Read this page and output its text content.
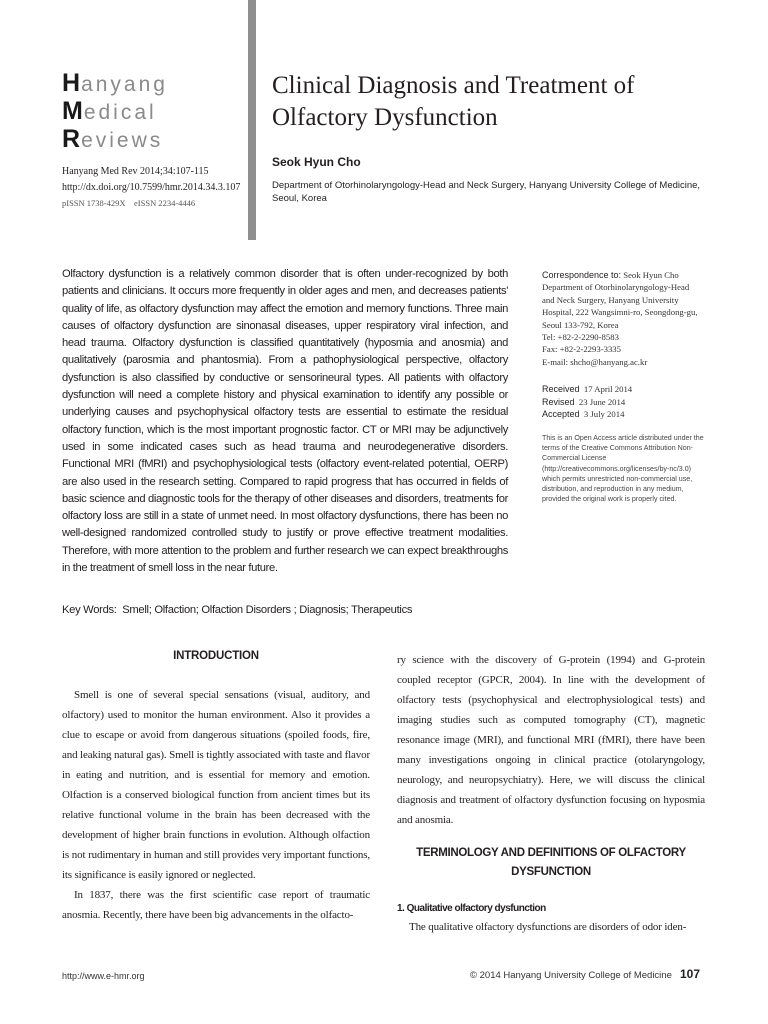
Hanyang
Medical
Reviews
Hanyang Med Rev 2014;34:107-115
http://dx.doi.org/10.7599/hmr.2014.34.3.107
pISSN 1738-429X    eISSN 2234-4446
Clinical Diagnosis and Treatment of
Olfactory Dysfunction
Seok Hyun Cho
Department of Otorhinolaryngology-Head and Neck Surgery, Hanyang University College of Medicine, Seoul, Korea
Olfactory dysfunction is a relatively common disorder that is often under-recognized by both patients and clinicians. It occurs more frequently in older ages and men, and decreases patients' quality of life, as olfactory dysfunction may affect the emotion and memory functions. Three main causes of olfactory dysfunction are sinonasal diseases, upper respiratory viral infection, and head trauma. Olfactory dysfunction is classified quantitatively (hyposmia and anosmia) and qualitatively (parosmia and phantosmia). From a pathophysiological perspective, olfactory dysfunction is also classified by conductive or sensorineural types. All patients with olfactory dysfunction will need a complete history and physical examination to identify any possible or underlying causes and psychophysical olfactory tests are essential to estimate the residual olfactory function, which is the most important prognostic factor. CT or MRI may be adjunctively used in some indicated cases such as head trauma and neurodegenerative disorders. Functional MRI (fMRI) and psychophysiological tests (olfactory event-related potential, OERP) are also used in the research setting. Compared to rapid progress that has occurred in fields of basic science and diagnostic tools for the therapy of other diseases and disorders, treatments for olfactory loss are still in a state of unmet need. In most olfactory dysfunctions, there has been no well-designed randomized controlled study to justify or prove effective treatment modalities. Therefore, with more attention to the problem and further research we can expect breakthroughs in the treatment of smell loss in the near future.
Key Words: Smell; Olfaction; Olfaction Disorders ; Diagnosis; Therapeutics
Correspondence to: Seok Hyun Cho
Department of Otorhinolaryngology-Head
and Neck Surgery, Hanyang University
Hospital, 222 Wangsimni-ro, Seongdong-gu,
Seoul 133-792, Korea
Tel: +82-2-2290-8583
Fax: +82-2-2293-3335
E-mail: shcho@hanyang.ac.kr
Received 17 April 2014
Revised 23 June 2014
Accepted 3 July 2014
This is an Open Access article distributed under the terms of the Creative Commons Attribution Non-Commercial License (http://creativecommons.org/licenses/by-nc/3.0) which permits unrestricted non-commercial use, distribution, and reproduction in any medium, provided the original work is properly cited.
INTRODUCTION

Smell is one of several special sensations (visual, auditory, and olfactory) used to monitor the human environment. Also it provides a clue to escape or avoid from dangerous situations (spoiled foods, fire, and leaking natural gas). Smell is tightly associated with taste and flavor in eating and nutrition, and is essential for memory and emotion. Olfaction is a conserved biological function from ancient times but its relative functional volume in the brain has been decreased with the development of higher brain functions in evolution. Although olfaction is not rudimentary in human and still provides very important functions, its significance is easily ignored or neglected.

In 1837, there was the first scientific case report of traumatic anosmia. Recently, there have been big advancements in the olfacto-

ry science with the discovery of G-protein (1994) and G-protein coupled receptor (GPCR, 2004). In line with the development of olfactory tests (psychophysical and electrophysiological tests) and imaging studies such as computed tomography (CT), magnetic resonance image (MRI), and functional MRI (fMRI), there have been many investigations ongoing in clinical practice (otolaryngology, neurology, and neuropsychiatry). Here, we will discuss the clinical diagnosis and treatment of olfactory dysfunction focusing on hyposmia and anosmia.

TERMINOLOGY AND DEFINITIONS OF OLFACTORY
DYSFUNCTION
1. Qualitative olfactory dysfunction

The qualitative olfactory dysfunctions are disorders of odor iden-

http://www.e-hmr.org	© 2014 Hanyang University College of Medicine 107
